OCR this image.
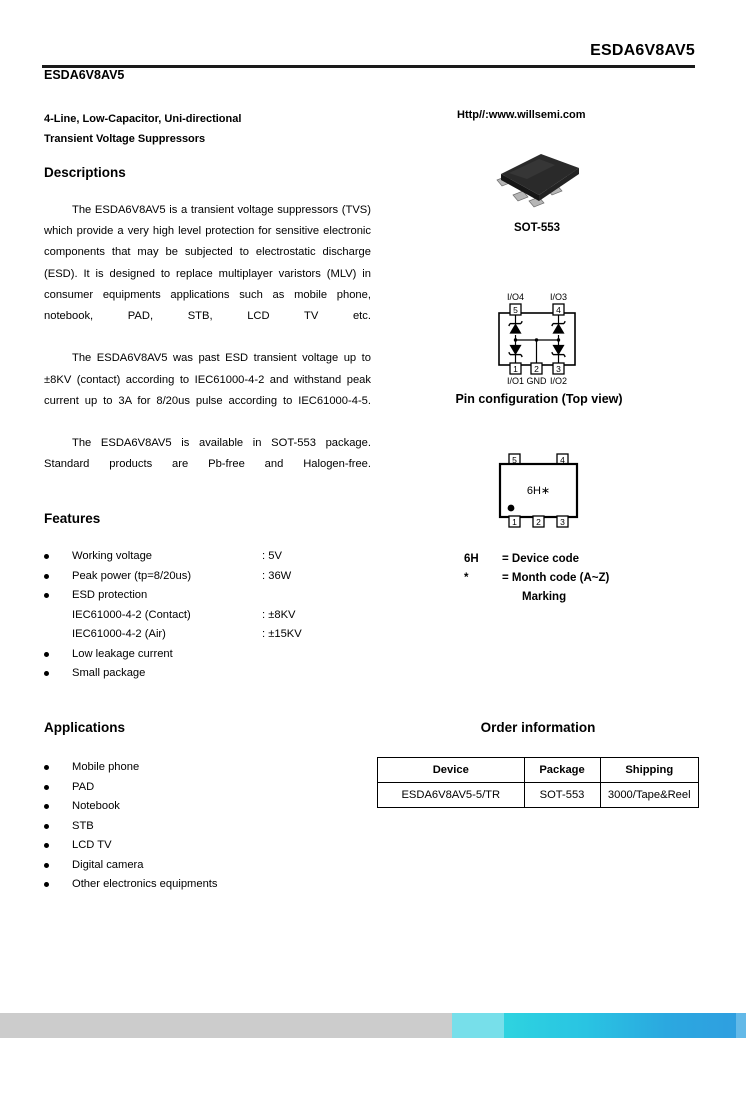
ESDA6V8AV5
ESDA6V8AV5
4-Line, Low-Capacitor, Uni-directional
Transient Voltage Suppressors
Http//:www.willsemi.com
Descriptions

The ESDA6V8AV5 is a transient voltage suppressors (TVS) which provide a very high level protection for sensitive electronic components that may be subjected to electrostatic discharge (ESD). It is designed to replace multiplayer varistors (MLV) in consumer equipments applications such as mobile phone, notebook, PAD, STB, LCD TV etc.

The ESDA6V8AV5 was past ESD transient voltage up to ±8KV (contact) according to IEC61000-4-2 and withstand peak current up to 3A for 8/20us pulse according to IEC61000-4-5.

The ESDA6V8AV5 is available in SOT-553 package. Standard products are Pb-free and Halogen-free.

Features
Working voltage	: 5V
Peak power (tp=8/20us)	: 36W
ESD protection
IEC61000-4-2 (Contact)	: ±8KV
IEC61000-4-2 (Air)	: ±15KV
Low leakage current
Small package
Applications
Mobile phone
PAD
Notebook
STB
LCD TV
Digital camera
Other electronics equipments
SOT-553
5	4
1 2 3
I/O4	I/O3
I/O1 GND I/O2
Pin configuration (Top view)
5	4
1 2 3
6H∗
6H = Device code
*	= Month code (A~Z)
Marking
Order information
Device	Package	Shipping
ESDA6V8AV5-5/TR	SOT-553	3000/Tape&Reel
